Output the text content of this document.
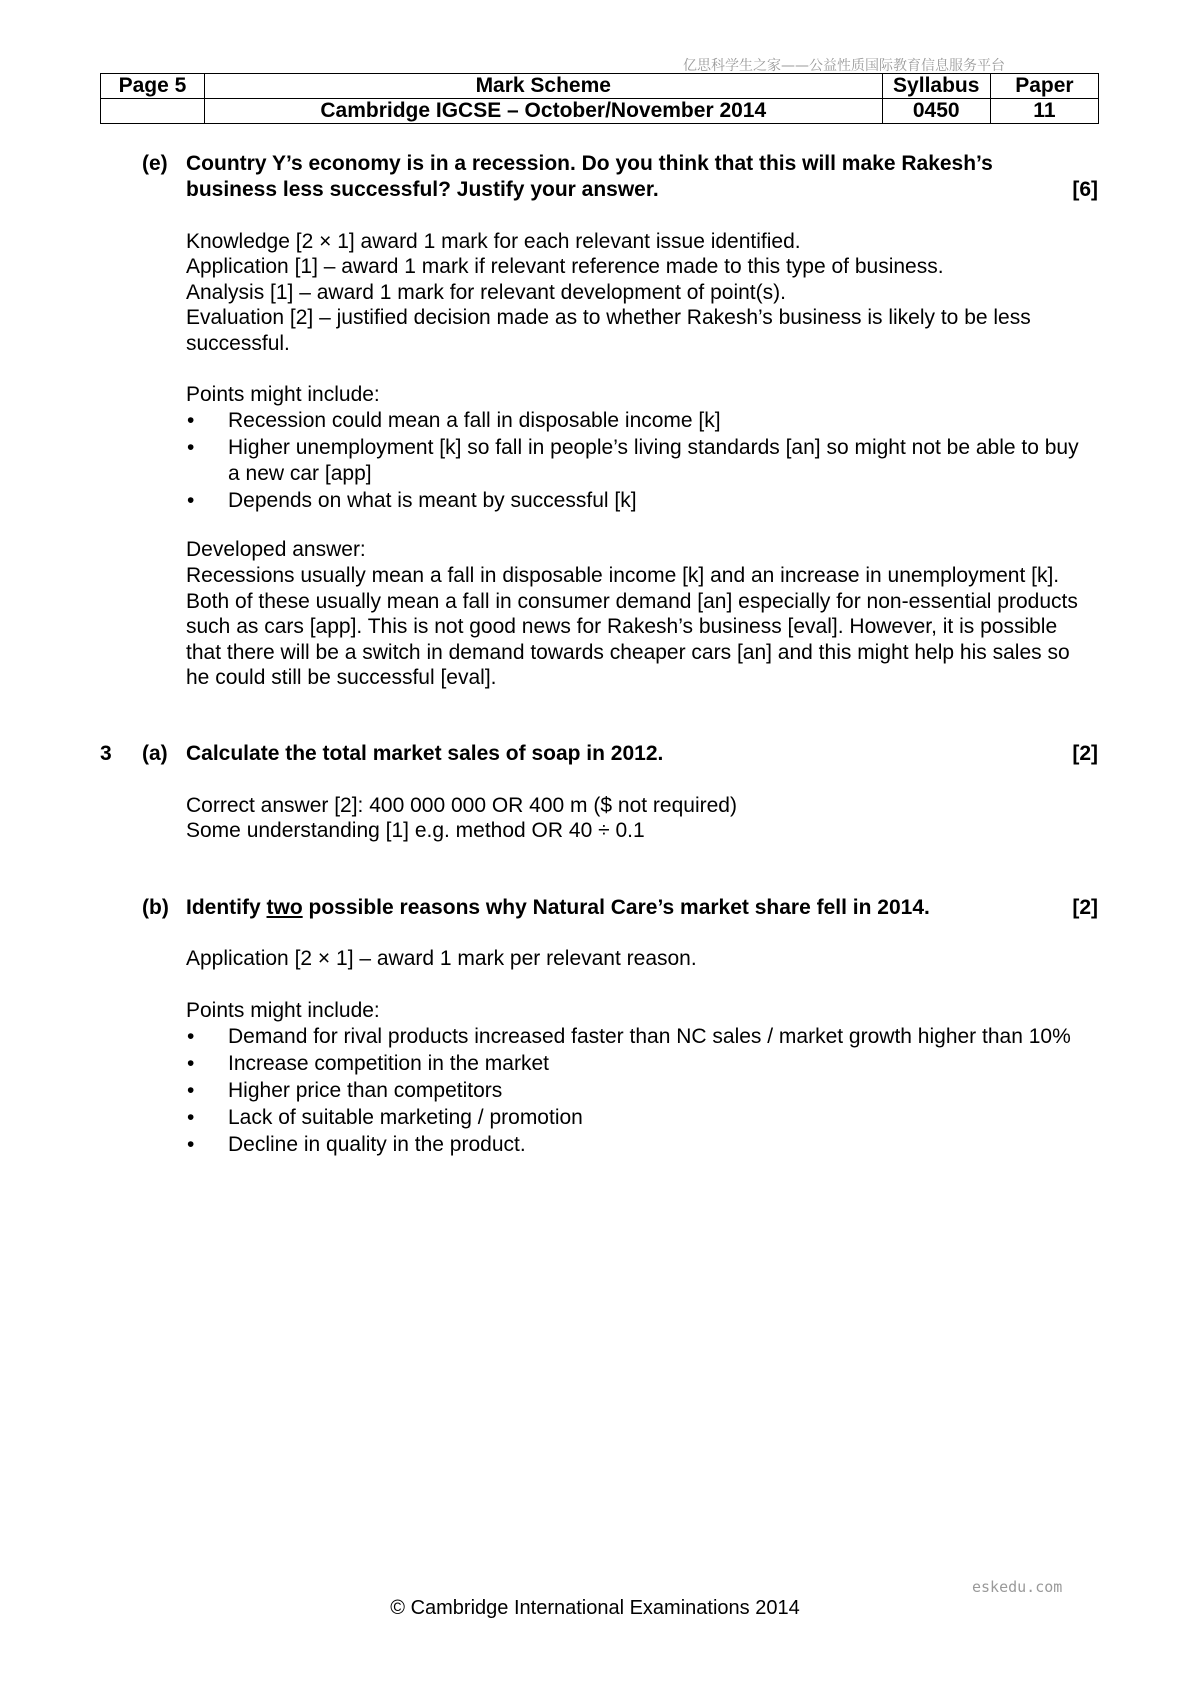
亿思科学生之家——公益性质国际教育信息服务平台
Page 5	Mark Scheme	Syllabus	Paper
	Cambridge IGCSE – October/November 2014	0450	11
(e) Country Y’s economy is in a recession. Do you think that this will make Rakesh’s
business less successful? Justify your answer.	[6]
Knowledge [2 × 1] award 1 mark for each relevant issue identified.
Application [1] – award 1 mark if relevant reference made to this type of business.
Analysis [1] – award 1 mark for relevant development of point(s).
Evaluation [2] – justified decision made as to whether Rakesh’s business is likely to be less successful.
Points might include:
• Recession could mean a fall in disposable income [k]
• Higher unemployment [k] so fall in people’s living standards [an] so might not be able to buy a new car [app]
• Depends on what is meant by successful [k]
Developed answer:
Recessions usually mean a fall in disposable income [k] and an increase in unemployment [k]. Both of these usually mean a fall in consumer demand [an] especially for non-essential products such as cars [app]. This is not good news for Rakesh’s business [eval]. However, it is possible that there will be a switch in demand towards cheaper cars [an] and this might help his sales so he could still be successful [eval].
3 (a) Calculate the total market sales of soap in 2012.	[2]
Correct answer [2]: 400 000 000 OR 400 m ($ not required)
Some understanding [1] e.g. method OR 40 ÷ 0.1
(b) Identify two possible reasons why Natural Care’s market share fell in 2014.	[2]
Application [2 × 1] – award 1 mark per relevant reason.
Points might include:
• Demand for rival products increased faster than NC sales / market growth higher than 10%
• Increase competition in the market
• Higher price than competitors
• Lack of suitable marketing / promotion
• Decline in quality in the product.
eskedu.com
© Cambridge International Examinations 2014
